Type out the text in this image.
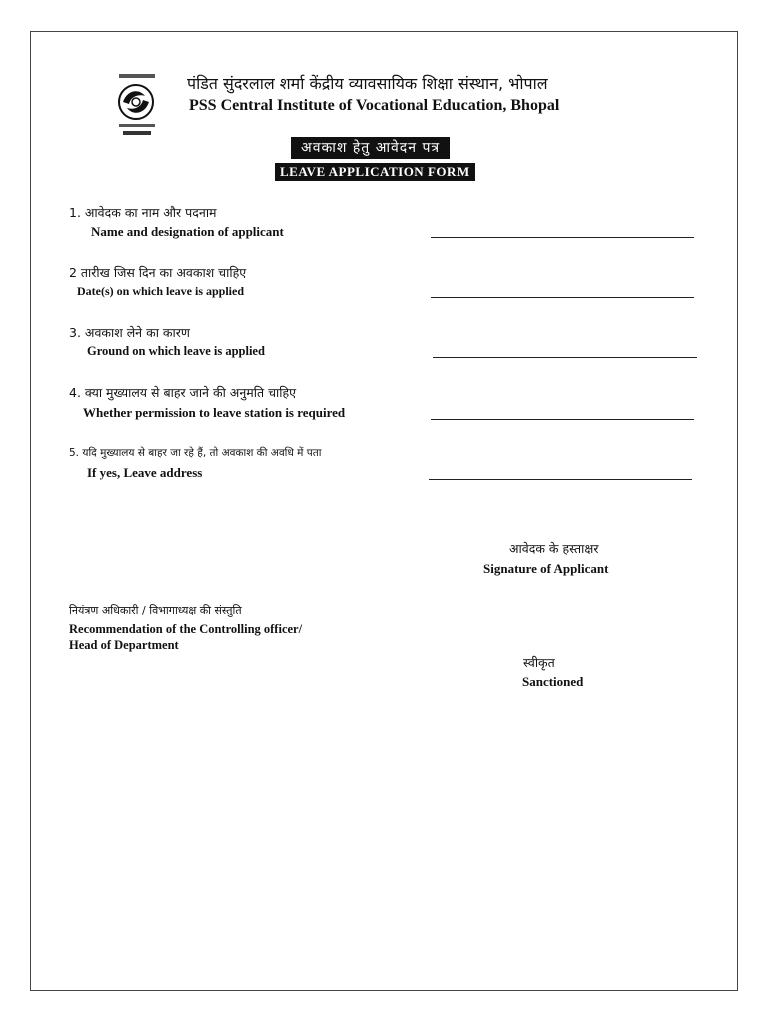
पंडित सुंदरलाल शर्मा केंद्रीय व्यावसायिक शिक्षा संस्थान, भोपाल
PSS Central Institute of Vocational Education, Bhopal
अवकाश हेतु आवेदन पत्र
LEAVE APPLICATION FORM
1. आवेदक का नाम और पदनाम
Name and designation of applicant
2 तारीख जिस दिन का अवकाश चाहिए
Date(s) on which leave is applied
3. अवकाश लेने का कारण
Ground on which leave is applied
4. क्या मुख्यालय से बाहर जाने की अनुमति चाहिए
Whether permission to leave station is required
5. यदि मुख्यालय से बाहर जा रहे हैं, तो अवकाश की अवधि में पता
If yes, Leave address
आवेदक के हस्ताक्षर
Signature of Applicant
नियंत्रण अधिकारी / विभागाध्यक्ष की संस्तुति
Recommendation of the Controlling officer/
Head of Department
स्वीकृत
Sanctioned
